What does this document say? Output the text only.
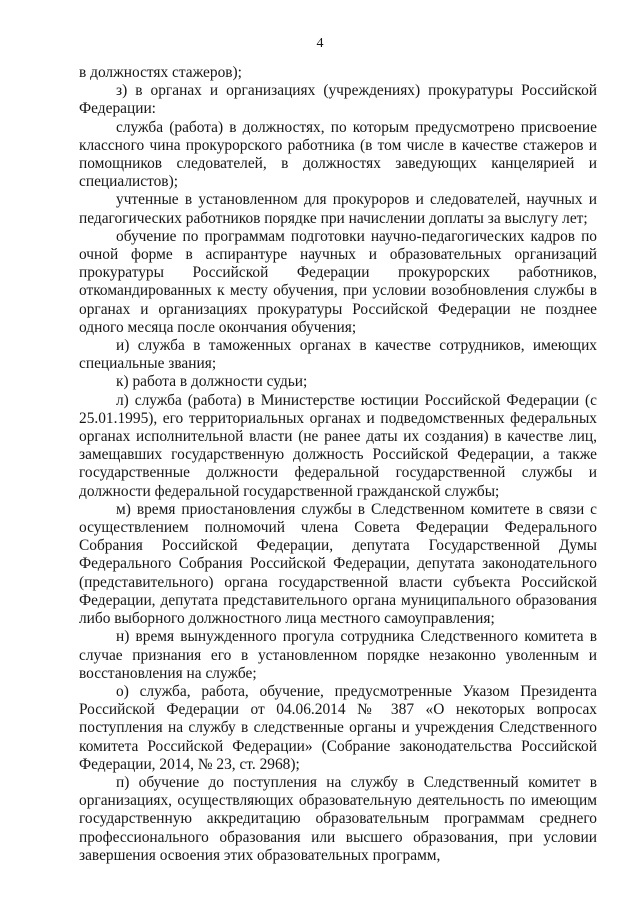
4

в должностях стажеров);

з) в органах и организациях (учреждениях) прокуратуры Российской Федерации:

служба (работа) в должностях, по которым предусмотрено присвоение классного чина прокурорского работника (в том числе в качестве стажеров и помощников следователей, в должностях заведующих канцелярией и специалистов);

учтенные в установленном для прокуроров и следователей, научных и педагогических работников порядке при начислении доплаты за выслугу лет;

обучение по программам подготовки научно-педагогических кадров по очной форме в аспирантуре научных и образовательных организаций прокуратуры Российской Федерации прокурорских работников, откомандированных к месту обучения, при условии возобновления службы в органах и организациях прокуратуры Российской Федерации не позднее одного месяца после окончания обучения;

и) служба в таможенных органах в качестве сотрудников, имеющих специальные звания;

к) работа в должности судьи;

л) служба (работа) в Министерстве юстиции Российской Федерации (с 25.01.1995), его территориальных органах и подведомственных федеральных органах исполнительной власти (не ранее даты их создания) в качестве лиц, замещавших государственную должность Российской Федерации, а также государственные должности федеральной государственной службы и должности федеральной государственной гражданской службы;

м) время приостановления службы в Следственном комитете в связи с осуществлением полномочий члена Совета Федерации Федерального Собрания Российской Федерации, депутата Государственной Думы Федерального Собрания Российской Федерации, депутата законодательного (представительного) органа государственной власти субъекта Российской Федерации, депутата представительного органа муниципального образования либо выборного должностного лица местного самоуправления;

н) время вынужденного прогула сотрудника Следственного комитета в случае признания его в установленном порядке незаконно уволенным и восстановления на службе;

о) служба, работа, обучение, предусмотренные Указом Президента Российской Федерации от 04.06.2014 № 387 «О некоторых вопросах поступления на службу в следственные органы и учреждения Следственного комитета Российской Федерации» (Собрание законодательства Российской Федерации, 2014, № 23, ст. 2968);

п) обучение до поступления на службу в Следственный комитет в организациях, осуществляющих образовательную деятельность по имеющим государственную аккредитацию образовательным программам среднего профессионального образования или высшего образования, при условии завершения освоения этих образовательных программ,
